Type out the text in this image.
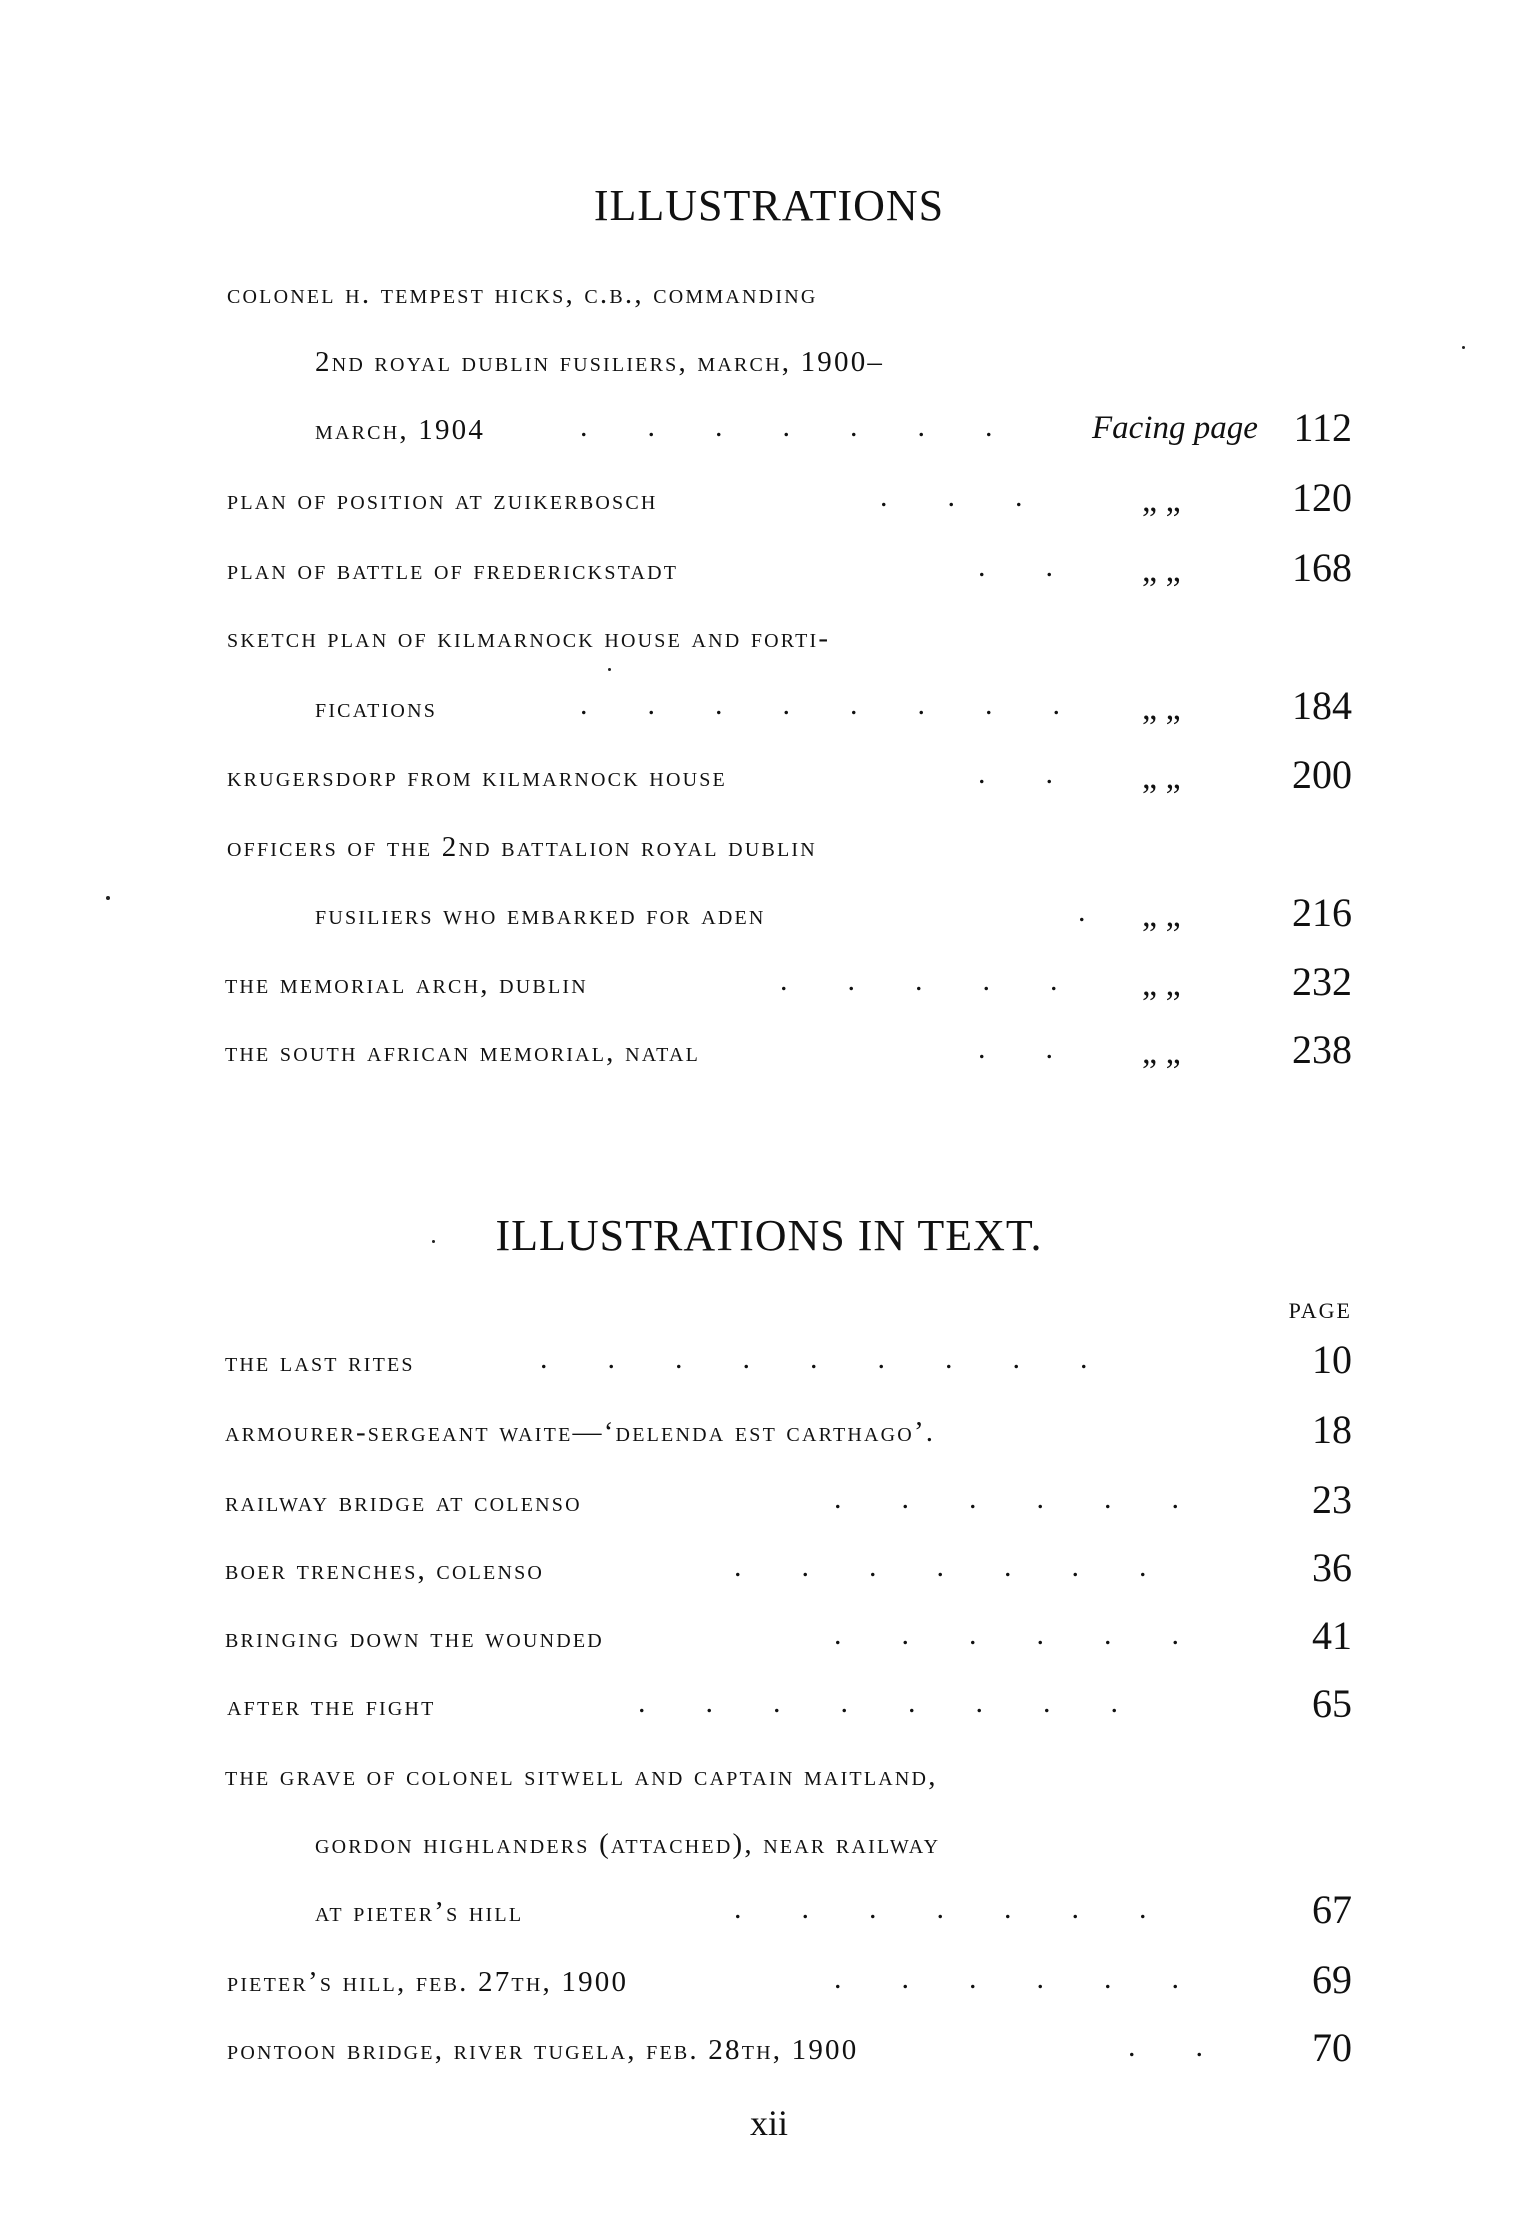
ILLUSTRATIONS
colonel h. tempest hicks, c.b., commanding
2nd royal dublin fusiliers, march, 1900–
march, 1904	.        .        .        .        .        .        .	Facing page 112
plan of position at zuikerbosch	.        .        .	„ „	120
plan of battle of frederickstadt	.        .	„ „	168
sketch plan of kilmarnock house and forti-
fications	.        .        .        .        .        .        .        . „ „	184
krugersdorp from kilmarnock house	.        .	„ „	200
officers of the 2nd battalion royal dublin
fusiliers who embarked for aden	. „ „	216
the memorial arch, dublin	.        .        .        .        . „ „	232
the south african memorial, natal	.        .	„ „	238
ILLUSTRATIONS IN TEXT.
PAGE
the last rites	.        .        .        .        .        .        .        .        .	10
armourer-sergeant waite—‘delenda est carthago’.	18
railway bridge at colenso	.        .        .        .        .        .	23
boer trenches, colenso	.        .        .        .        .        .        .	36
bringing down the wounded	.        .        .        .        .        .	41
after the fight	.        .        .        .        .        .        .        .	65
the grave of colonel sitwell and captain maitland,
gordon highlanders (attached), near railway
at pieter’s hill	.        .        .        .        .        .        .	67
pieter’s hill, feb. 27th, 1900	.        .        .        .        .        .	69
pontoon bridge, river tugela, feb. 28th, 1900	.        .	70
xii
